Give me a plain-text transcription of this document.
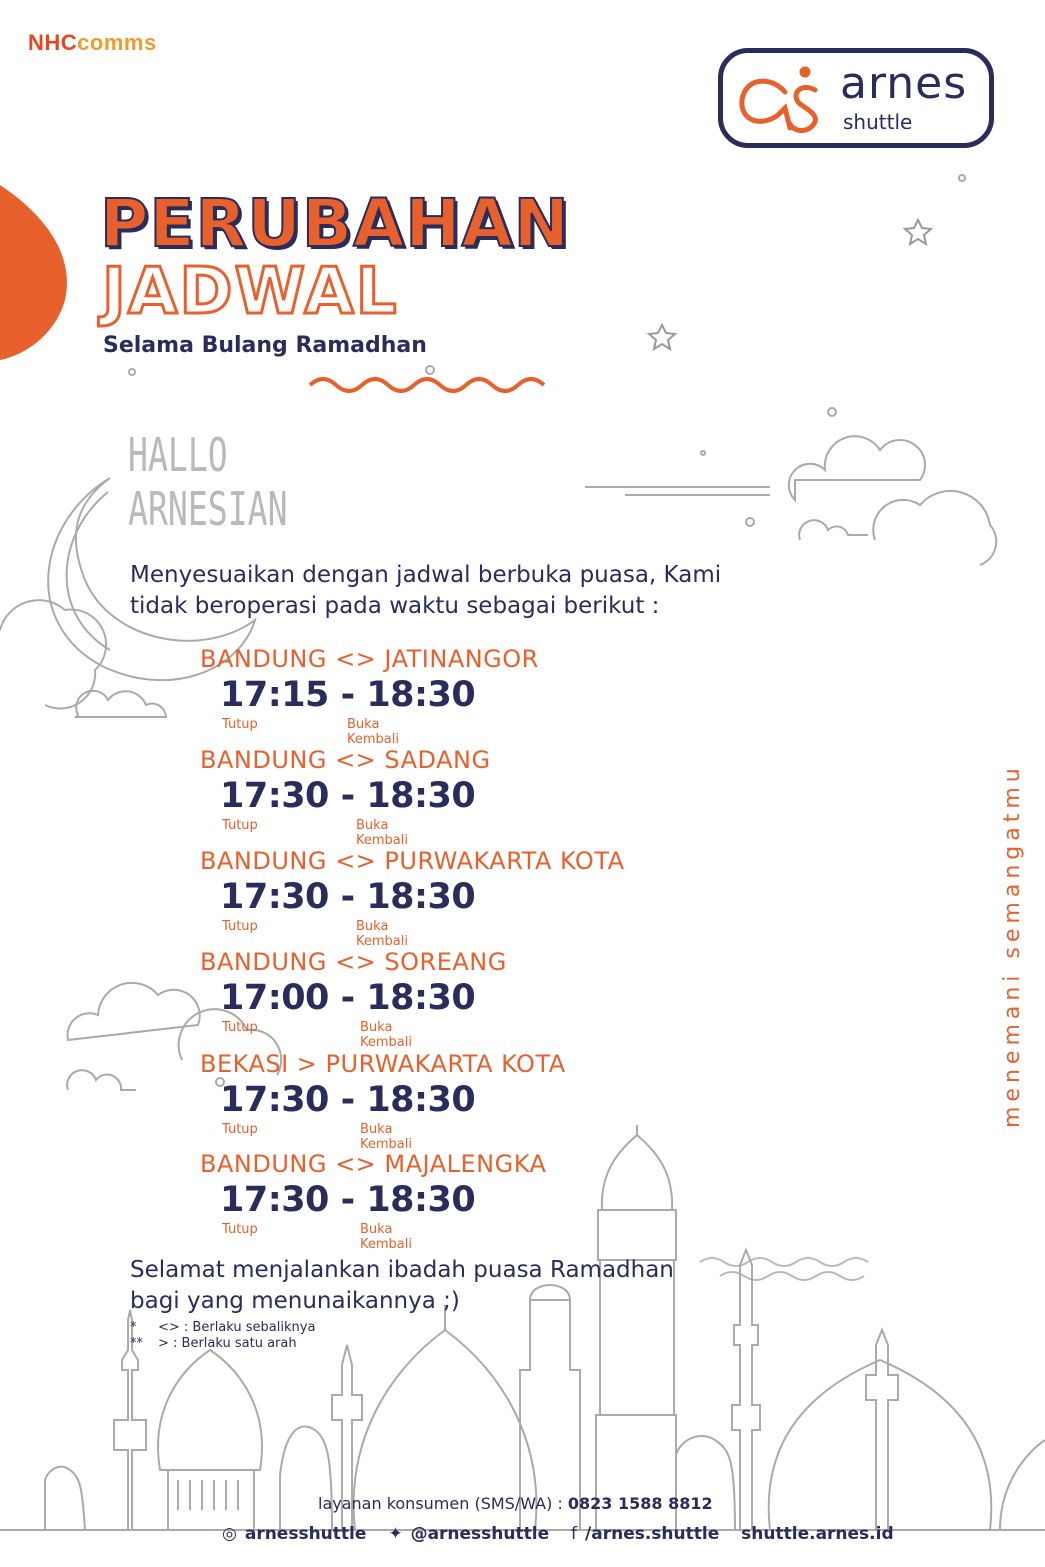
NHCcomms
arnes
shuttle
PERUBAHAN
JADWAL
Selama Bulang Ramadhan
HALLO
ARNESIAN
Menyesuaikan dengan jadwal berbuka puasa, Kami
tidak beroperasi pada waktu sebagai berikut :
BANDUNG <> JATINANGOR
17:15 - 18:30
Tutup	Buka Kembali
BANDUNG <> SADANG
17:30 - 18:30
Tutup	Buka Kembali
BANDUNG <> PURWAKARTA KOTA
17:30 - 18:30
Tutup	Buka Kembali
BANDUNG <> SOREANG
17:00 - 18:30
Tutup	Buka Kembali
BEKASI > PURWAKARTA KOTA
17:30 - 18:30
Tutup	Buka Kembali
BANDUNG <> MAJALENGKA
17:30 - 18:30
Tutup	Buka Kembali
Selamat menjalankan ibadah puasa Ramadhan
bagi yang menunaikannya ;)
* <> : Berlaku sebaliknya
** > : Berlaku satu arah
menemani semangatmu
layanan konsumen (SMS/WA) : 0823 1588 8812
◎ arnesshuttle ✦ @arnesshuttle f /arnes.shuttle shuttle.arnes.id
